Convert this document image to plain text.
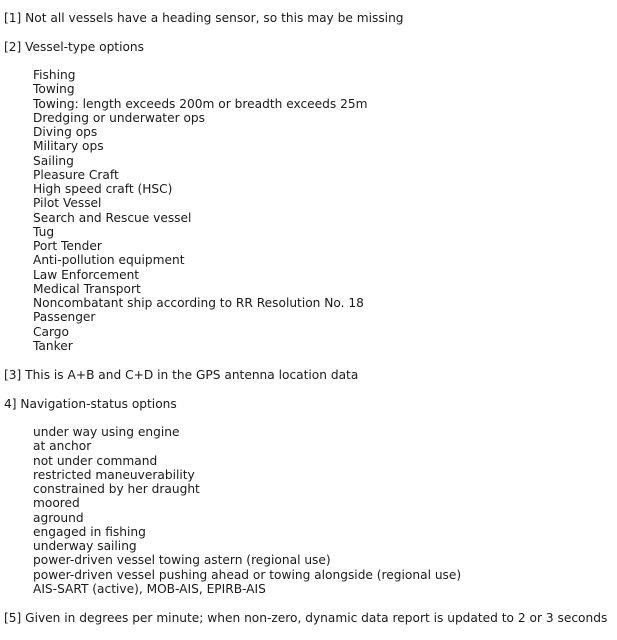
[1] Not all vessels have a heading sensor, so this may be missing
[2] Vessel-type options
Fishing
Towing
Towing: length exceeds 200m or breadth exceeds 25m
Dredging or underwater ops
Diving ops
Military ops
Sailing
Pleasure Craft
High speed craft (HSC)
Pilot Vessel
Search and Rescue vessel
Tug
Port Tender
Anti-pollution equipment
Law Enforcement
Medical Transport
Noncombatant ship according to RR Resolution No. 18
Passenger
Cargo
Tanker
[3] This is A+B and C+D in the GPS antenna location data
4] Navigation-status options
under way using engine
at anchor
not under command
restricted maneuverability
constrained by her draught
moored
aground
engaged in fishing
underway sailing
power-driven vessel towing astern (regional use)
power-driven vessel pushing ahead or towing alongside (regional use)
AIS-SART (active), MOB-AIS, EPIRB-AIS
[5] Given in degrees per minute; when non-zero, dynamic data report is updated to 2 or 3 seconds
